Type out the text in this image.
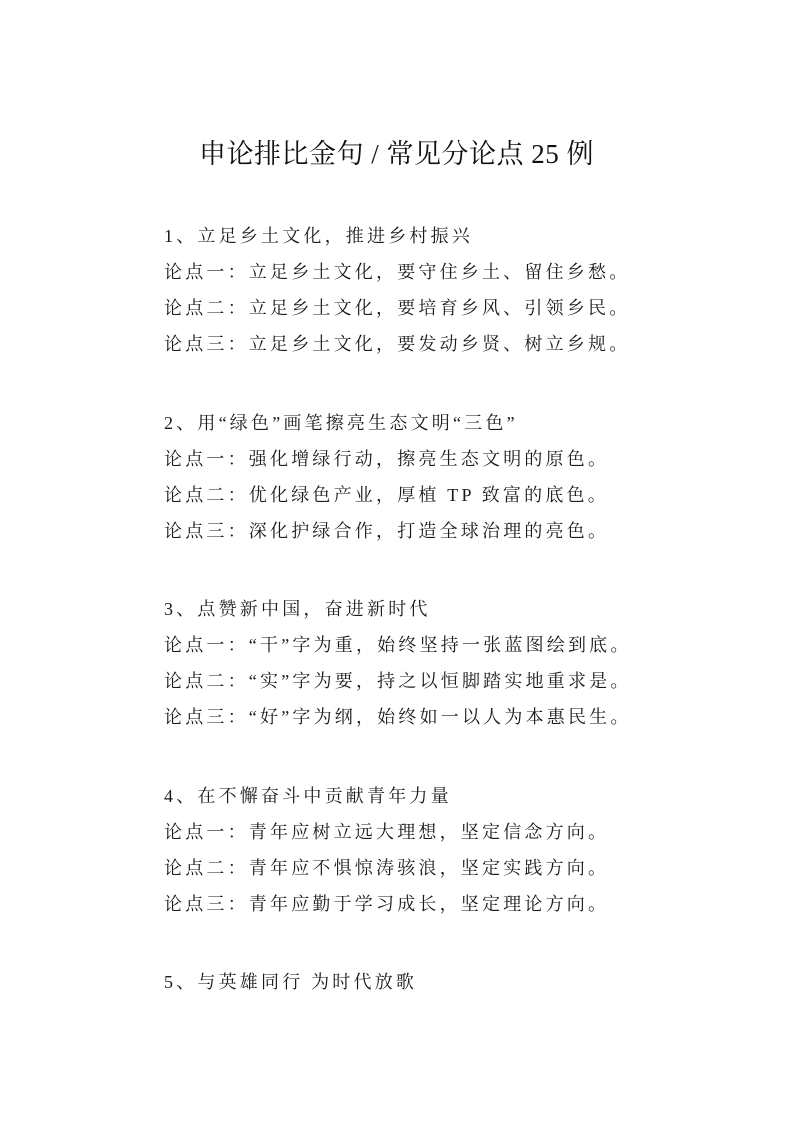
申论排比金句 / 常见分论点 25 例
1、立足乡土文化，推进乡村振兴
论点一：立足乡土文化，要守住乡土、留住乡愁。
论点二：立足乡土文化，要培育乡风、引领乡民。
论点三：立足乡土文化，要发动乡贤、树立乡规。
2、用“绿色”画笔擦亮生态文明“三色”
论点一：强化增绿行动，擦亮生态文明的原色。
论点二：优化绿色产业，厚植 TP 致富的底色。
论点三：深化护绿合作，打造全球治理的亮色。
3、点赞新中国，奋进新时代
论点一：“干”字为重，始终坚持一张蓝图绘到底。
论点二：“实”字为要，持之以恒脚踏实地重求是。
论点三：“好”字为纲，始终如一以人为本惠民生。
4、在不懈奋斗中贡献青年力量
论点一：青年应树立远大理想，坚定信念方向。
论点二：青年应不惧惊涛骇浪，坚定实践方向。
论点三：青年应勤于学习成长，坚定理论方向。
5、与英雄同行 为时代放歌
